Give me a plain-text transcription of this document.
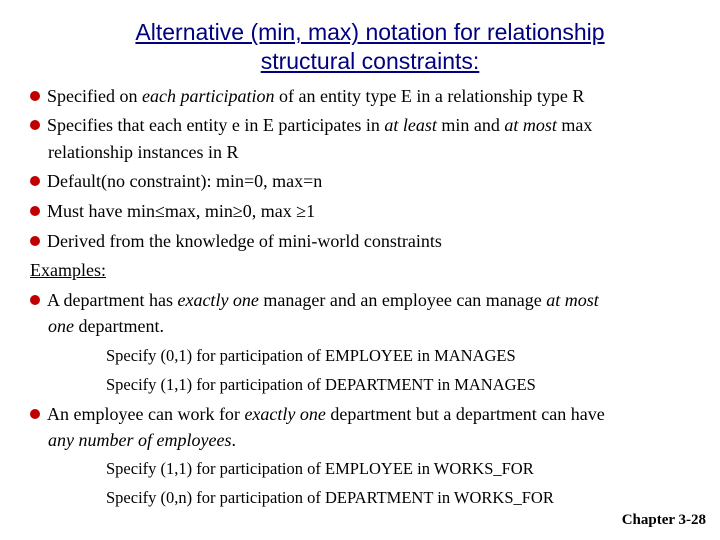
Alternative (min, max) notation for relationship
structural constraints:
Specified on each participation of an entity type E in a relationship type R
Specifies that each entity e in E participates in at least min and at most max
relationship instances in R
Default(no constraint): min=0, max=n
Must have min≤max, min≥0, max ≥1
Derived from the knowledge of mini-world constraints
Examples:
A department has exactly one manager and an employee can manage at most
one department.
Specify (0,1) for participation of EMPLOYEE in MANAGES
Specify (1,1) for participation of DEPARTMENT in MANAGES
An employee can work for exactly one department but a department can have
any number of employees.
Specify (1,1) for participation of EMPLOYEE in WORKS_FOR
Specify (0,n) for participation of DEPARTMENT in WORKS_FOR
Chapter 3-28
